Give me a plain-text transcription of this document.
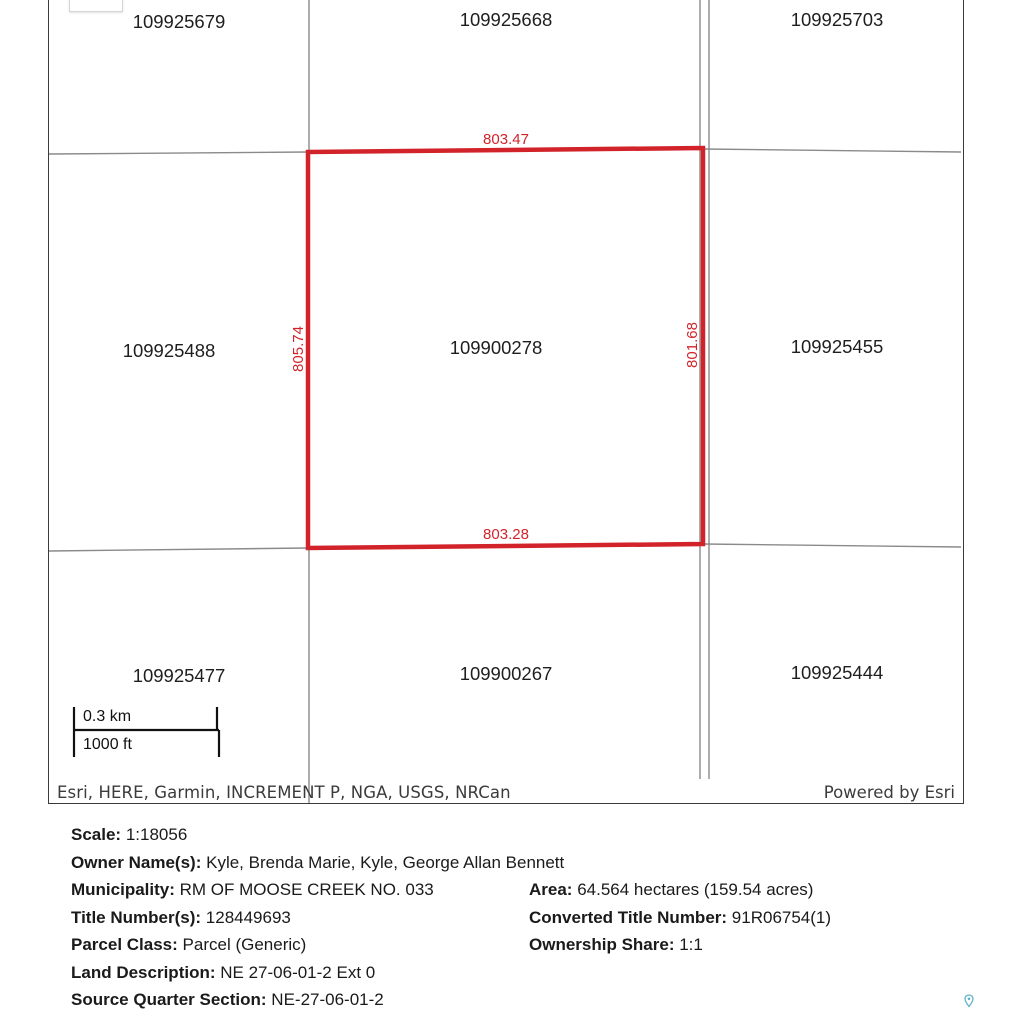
109925679	109925668	109925703
109925488	109900278	109925455
109925477	109900267	109925444
803.47
803.28
805.74	801.68
0.3 km
1000 ft
Esri, HERE, Garmin, INCREMENT P, NGA, USGS, NRCan	Powered by Esri
Scale: 1:18056
Owner Name(s): Kyle, Brenda Marie, Kyle, George Allan Bennett
Municipality: RM OF MOOSE CREEK NO. 033	Area: 64.564 hectares (159.54 acres)
Title Number(s): 128449693	Converted Title Number: 91R06754(1)
Parcel Class: Parcel (Generic)	Ownership Share: 1:1
Land Description: NE 27-06-01-2 Ext 0
Source Quarter Section: NE-27-06-01-2
